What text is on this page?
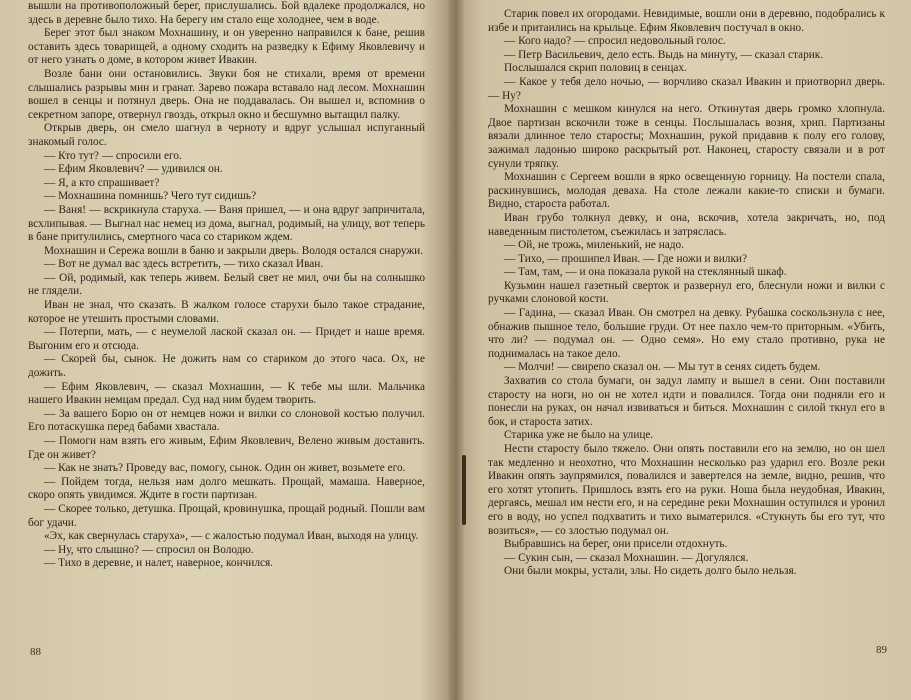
вышли на противоположный берег, прислушались. Бой вдалеке продолжался, но здесь в деревне было тихо. На берегу им стало еще холоднее, чем в воде.

Берег этот был знаком Мохнашину, и он уверенно направился к бане, решив оставить здесь товарищей, а одному сходить на разведку к Ефиму Яковлевичу и от него узнать о доме, в котором живет Ивакин.

Возле бани они остановились. Звуки боя не стихали, время от времени слышались разрывы мин и гранат. Зарево пожара вставало над лесом. Мохнашин вошел в сенцы и потянул дверь. Она не поддавалась. Он вышел и, вспомнив о секретном запоре, отвернул гвоздь, открыл окно и бесшумно вытащил палку.

Открыв дверь, он смело шагнул в черноту и вдруг услышал испуганный знакомый голос.

— Кто тут? — спросили его.

— Ефим Яковлевич? — удивился он.

— Я, а кто спрашивает?

— Мохнашина помнишь? Чего тут сидишь?

— Ваня! — вскрикнула старуха. — Ваня пришел, — и она вдруг запричитала, всхлипывая. — Выгнал нас немец из дома, выгнал, родимый, на улицу, вот теперь в бане притулились, смертного часа со стариком ждем.

Мохнашин и Сережа вошли в баню и закрыли дверь. Володя остался снаружи.

— Вот не думал вас здесь встретить, — тихо сказал Иван.

— Ой, родимый, как теперь живем. Белый свет не мил, очи бы на солнышко не глядели.

Иван не знал, что сказать. В жалком голосе старухи было такое страдание, которое не утешить простыми словами.

— Потерпи, мать, — с неумелой лаской сказал он. — Придет и наше время. Выгоним его и отсюда.

— Скорей бы, сынок. Не дожить нам со стариком до этого часа. Ох, не дожить.

— Ефим Яковлевич, — сказал Мохнашин, — К тебе мы шли. Мальчика нашего Ивакин немцам предал. Суд над ним будем творить.

— За вашего Борю он от немцев ножи и вилки со слоновой костью получил. Его потаскушка перед бабами хвастала.

— Помоги нам взять его живым, Ефим Яковлевич, Велено живым доставить. Где он живет?

— Как не знать? Проведу вас, помогу, сынок. Один он живет, возьмете его.

— Пойдем тогда, нельзя нам долго мешкать. Прощай, мамаша. Наверное, скоро опять увидимся. Ждите в гости партизан.

— Скорее только, детушка. Прощай, кровинушка, прощай родный. Пошли вам бог удачи.

«Эх, как свернулась старуха», — с жалостью подумал Иван, выходя на улицу.

— Ну, что слышно? — спросил он Володю.

— Тихо в деревне, и налет, наверное, кончился.

88

Старик повел их огородами. Невидимые, вошли они в деревню, подобрались к избе и притаились на крыльце. Ефим Яковлевич постучал в окно.

— Кого надо? — спросил недовольный голос.

— Петр Васильевич, дело есть. Выдь на минуту, — сказал старик.

Послышался скрип половиц в сенцах.

— Какое у тебя дело ночью, — ворчливо сказал Ивакин и приотворил дверь. — Ну?

Мохнашин с мешком кинулся на него. Откинутая дверь громко хлопнула. Двое партизан вскочили тоже в сенцы. Послышалась возня, хрип. Партизаны вязали длинное тело старосты; Мохнашин, рукой придавив к полу его голову, зажимал ладонью широко раскрытый рот. Наконец, старосту связали и в рот сунули тряпку.

Мохнашин с Сергеем вошли в ярко освещенную горницу. На постели спала, раскинувшись, молодая девaха. На столе лежали какие-то списки и бумаги. Видно, староста работал.

Иван грубо толкнул девку, и она, вскочив, хотела закричать, но, под наведенным пистолетом, съежилась и затряслась.

— Ой, не трожь, миленький, не надо.

— Тихо, — прошипел Иван. — Где ножи и вилки?

— Там, там, — и она показала рукой на стеклянный шкаф.

Кузьмин нашел газетный сверток и развернул его, блеснули ножи и вилки с ручками слоновой кости.

— Гадина, — сказал Иван. Он смотрел на девку. Рубашка соскользнула с нее, обнажив пышное тело, большие груди. От нее пахло чем-то приторным. «Убить, что ли? — подумал он. — Одно семя». Но ему стало противно, рука не поднималась на такое дело.

— Молчи! — свирепо сказал он. — Мы тут в сенях сидеть будем.

Захватив со стола бумаги, он задул лампу и вышел в сени. Они поставили старосту на ноги, но он не хотел идти и повалился. Тогда они подняли его и понесли на руках, он начал извиваться и биться. Мохнашин с силой ткнул его в бок, и староста затих.

Старика уже не было на улице.

Нести старосту было тяжело. Они опять поставили его на землю, но он шел так медленно и неохотно, что Мохнашин несколько раз ударил его. Возле реки Ивакин опять заупрямился, повалился и завертелся на земле, видно, решив, что его хотят утопить. Пришлось взять его на руки. Ноша была неудобная, Ивакин, дергаясь, мешал им нести его, и на середине реки Мохнашин оступился и уронил его в воду, но успел подхватить и тихо выматерился. «Стукнуть бы его тут, что возиться», — со злостью подумал он.

Выбравшись на берег, они присели отдохнуть.

— Сукин сын, — сказал Мохнашин. — Догулялся.

Они были мокры, устали, злы. Но сидеть долго было нельзя.

89
